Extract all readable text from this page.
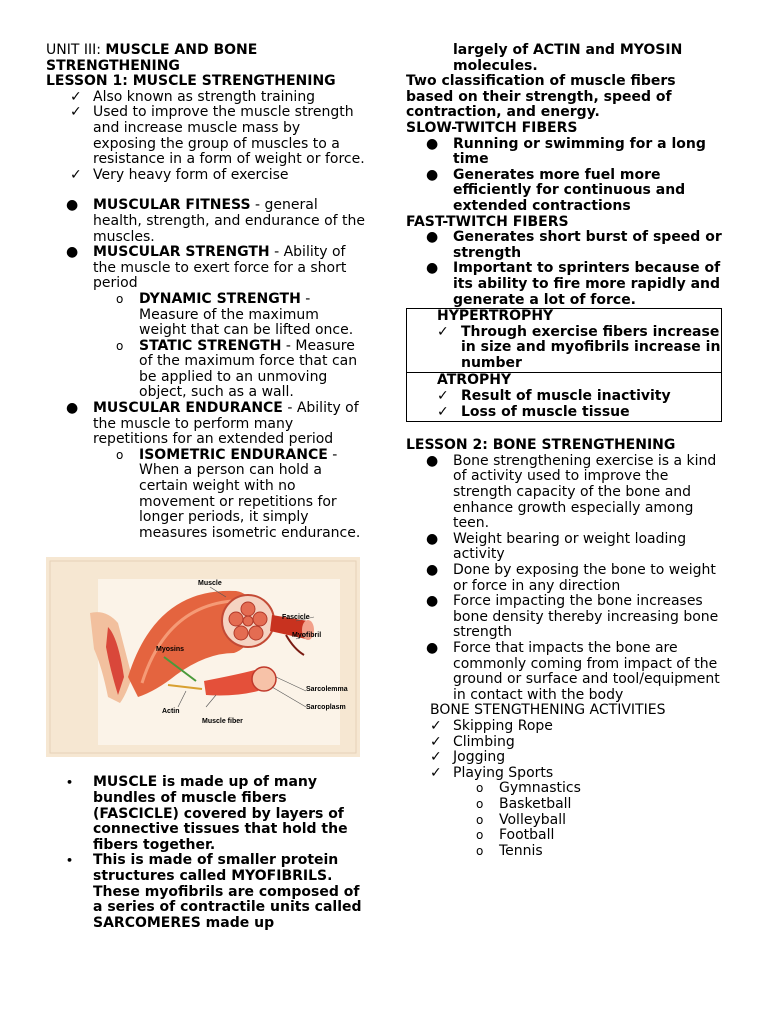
UNIT III: MUSCLE AND BONE STRENGTHENING
LESSON 1: MUSCLE STRENGTHENING
✓ Also known as strength training
✓ Used to improve the muscle strength and increase muscle mass by exposing the group of muscles to a resistance in a form of weight or force.
✓ Very heavy form of exercise
●	MUSCULAR FITNESS - general health, strength, and endurance of the muscles.
●	MUSCULAR STRENGTH - Ability of the muscle to exert force for a short period
o	DYNAMIC STRENGTH - Measure of the maximum weight that can be lifted once.
o	STATIC STRENGTH - Measure of the maximum force that can be applied to an unmoving object, such as a wall.
●	MUSCULAR ENDURANCE - Ability of the muscle to perform many repetitions for an extended period
o	ISOMETRIC ENDURANCE - When a person can hold a certain weight with no movement or repetitions for longer periods, it simply measures isometric endurance.
Muscle
Fascicle
Myofibril
Myosins
Sarcolemma
Sarcoplasm
Actin
Muscle fiber
•	MUSCLE is made up of many bundles of muscle fibers (FASCICLE) covered by layers of connective tissues that hold the fibers together.
•	This is made of smaller protein structures called MYOFIBRILS. These myofibrils are composed of a series of contractile units called SARCOMERES made up
largely of ACTIN and MYOSIN molecules.
Two classification of muscle fibers based on their strength, speed of contraction, and energy.
SLOW-TWITCH FIBERS
●	Running or swimming for a long time
●	Generates more fuel more efficiently for continuous and extended contractions
FAST-TWITCH FIBERS
●	Generates short burst of speed or strength
●	Important to sprinters because of its ability to fire more rapidly and generate a lot of force.
HYPERTROPHY
✓ Through exercise fibers increase in size and myofibrils increase in number
ATROPHY
✓ Result of muscle inactivity
✓ Loss of muscle tissue
LESSON 2: BONE STRENGTHENING
●	Bone strengthening exercise is a kind of activity used to improve the strength capacity of the bone and enhance growth especially among teen.
●	Weight bearing or weight loading activity
●	Done by exposing the bone to weight or force in any direction
●	Force impacting the bone increases bone density thereby increasing bone strength
●	Force that impacts the bone are commonly coming from impact of the ground or surface and tool/equipment in contact with the body
BONE STENGTHENING ACTIVITIES
✓ Skipping Rope
✓ Climbing
✓ Jogging
✓ Playing Sports
o	Gymnastics
o	Basketball
o	Volleyball
o	Football
o	Tennis
